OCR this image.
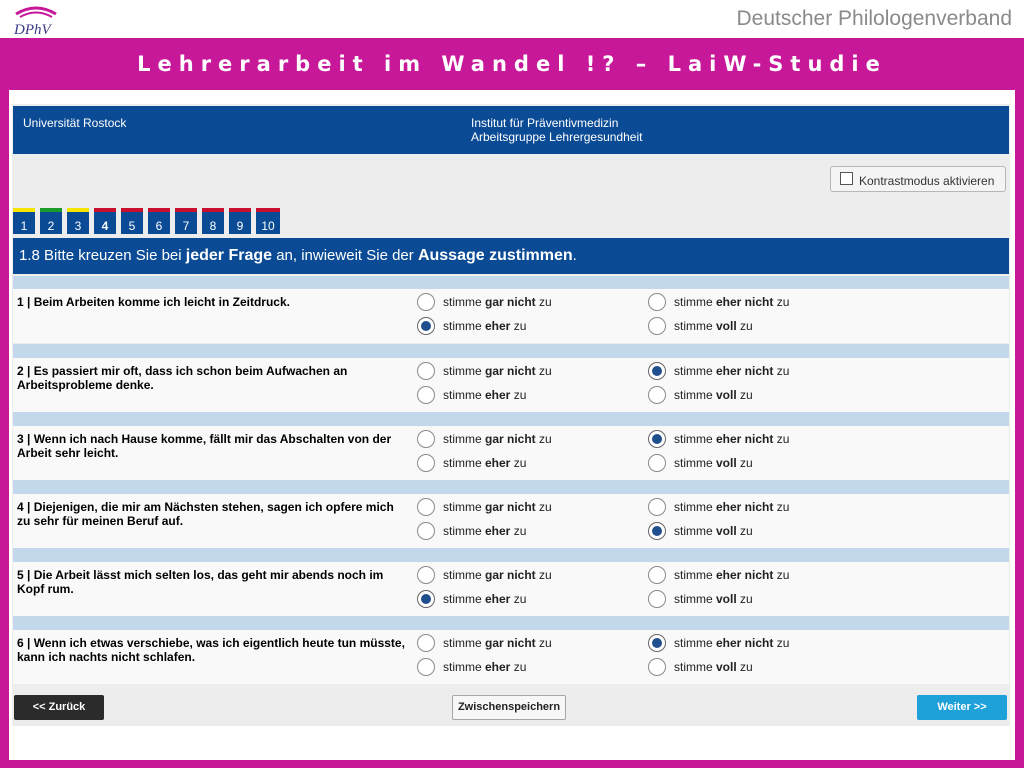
DPhV	Deutscher Philologenverband
Lehrerarbeit im Wandel !? – LaiW-Studie
Universität Rostock	Institut für Präventivmedizin
Arbeitsgruppe Lehrergesundheit
Kontrastmodus aktivieren
1	2	3	4	5	6	7	8	9	10
1.8 Bitte kreuzen Sie bei jeder Frage an, inwieweit Sie der Aussage zustimmen.
1 | Beim Arbeiten komme ich leicht in Zeitdruck.	stimme gar nicht zu	stimme eher nicht zu
stimme eher zu	stimme voll zu
2 | Es passiert mir oft, dass ich schon beim Aufwachen an Arbeitsprobleme denke.
stimme gar nicht zu	stimme eher nicht zu
stimme eher zu	stimme voll zu
3 | Wenn ich nach Hause komme, fällt mir das Abschalten von der Arbeit sehr leicht.
stimme gar nicht zu	stimme eher nicht zu
stimme eher zu	stimme voll zu
4 | Diejenigen, die mir am Nächsten stehen, sagen ich opfere mich zu sehr für meinen Beruf auf.
stimme gar nicht zu	stimme eher nicht zu
stimme eher zu	stimme voll zu
5 | Die Arbeit lässt mich selten los, das geht mir abends noch im Kopf rum.
stimme gar nicht zu	stimme eher nicht zu
stimme eher zu	stimme voll zu
6 | Wenn ich etwas verschiebe, was ich eigentlich heute tun müsste, kann ich nachts nicht schlafen.
stimme gar nicht zu	stimme eher nicht zu
stimme eher zu	stimme voll zu
<< Zurück	Zwischenspeichern	Weiter >>
